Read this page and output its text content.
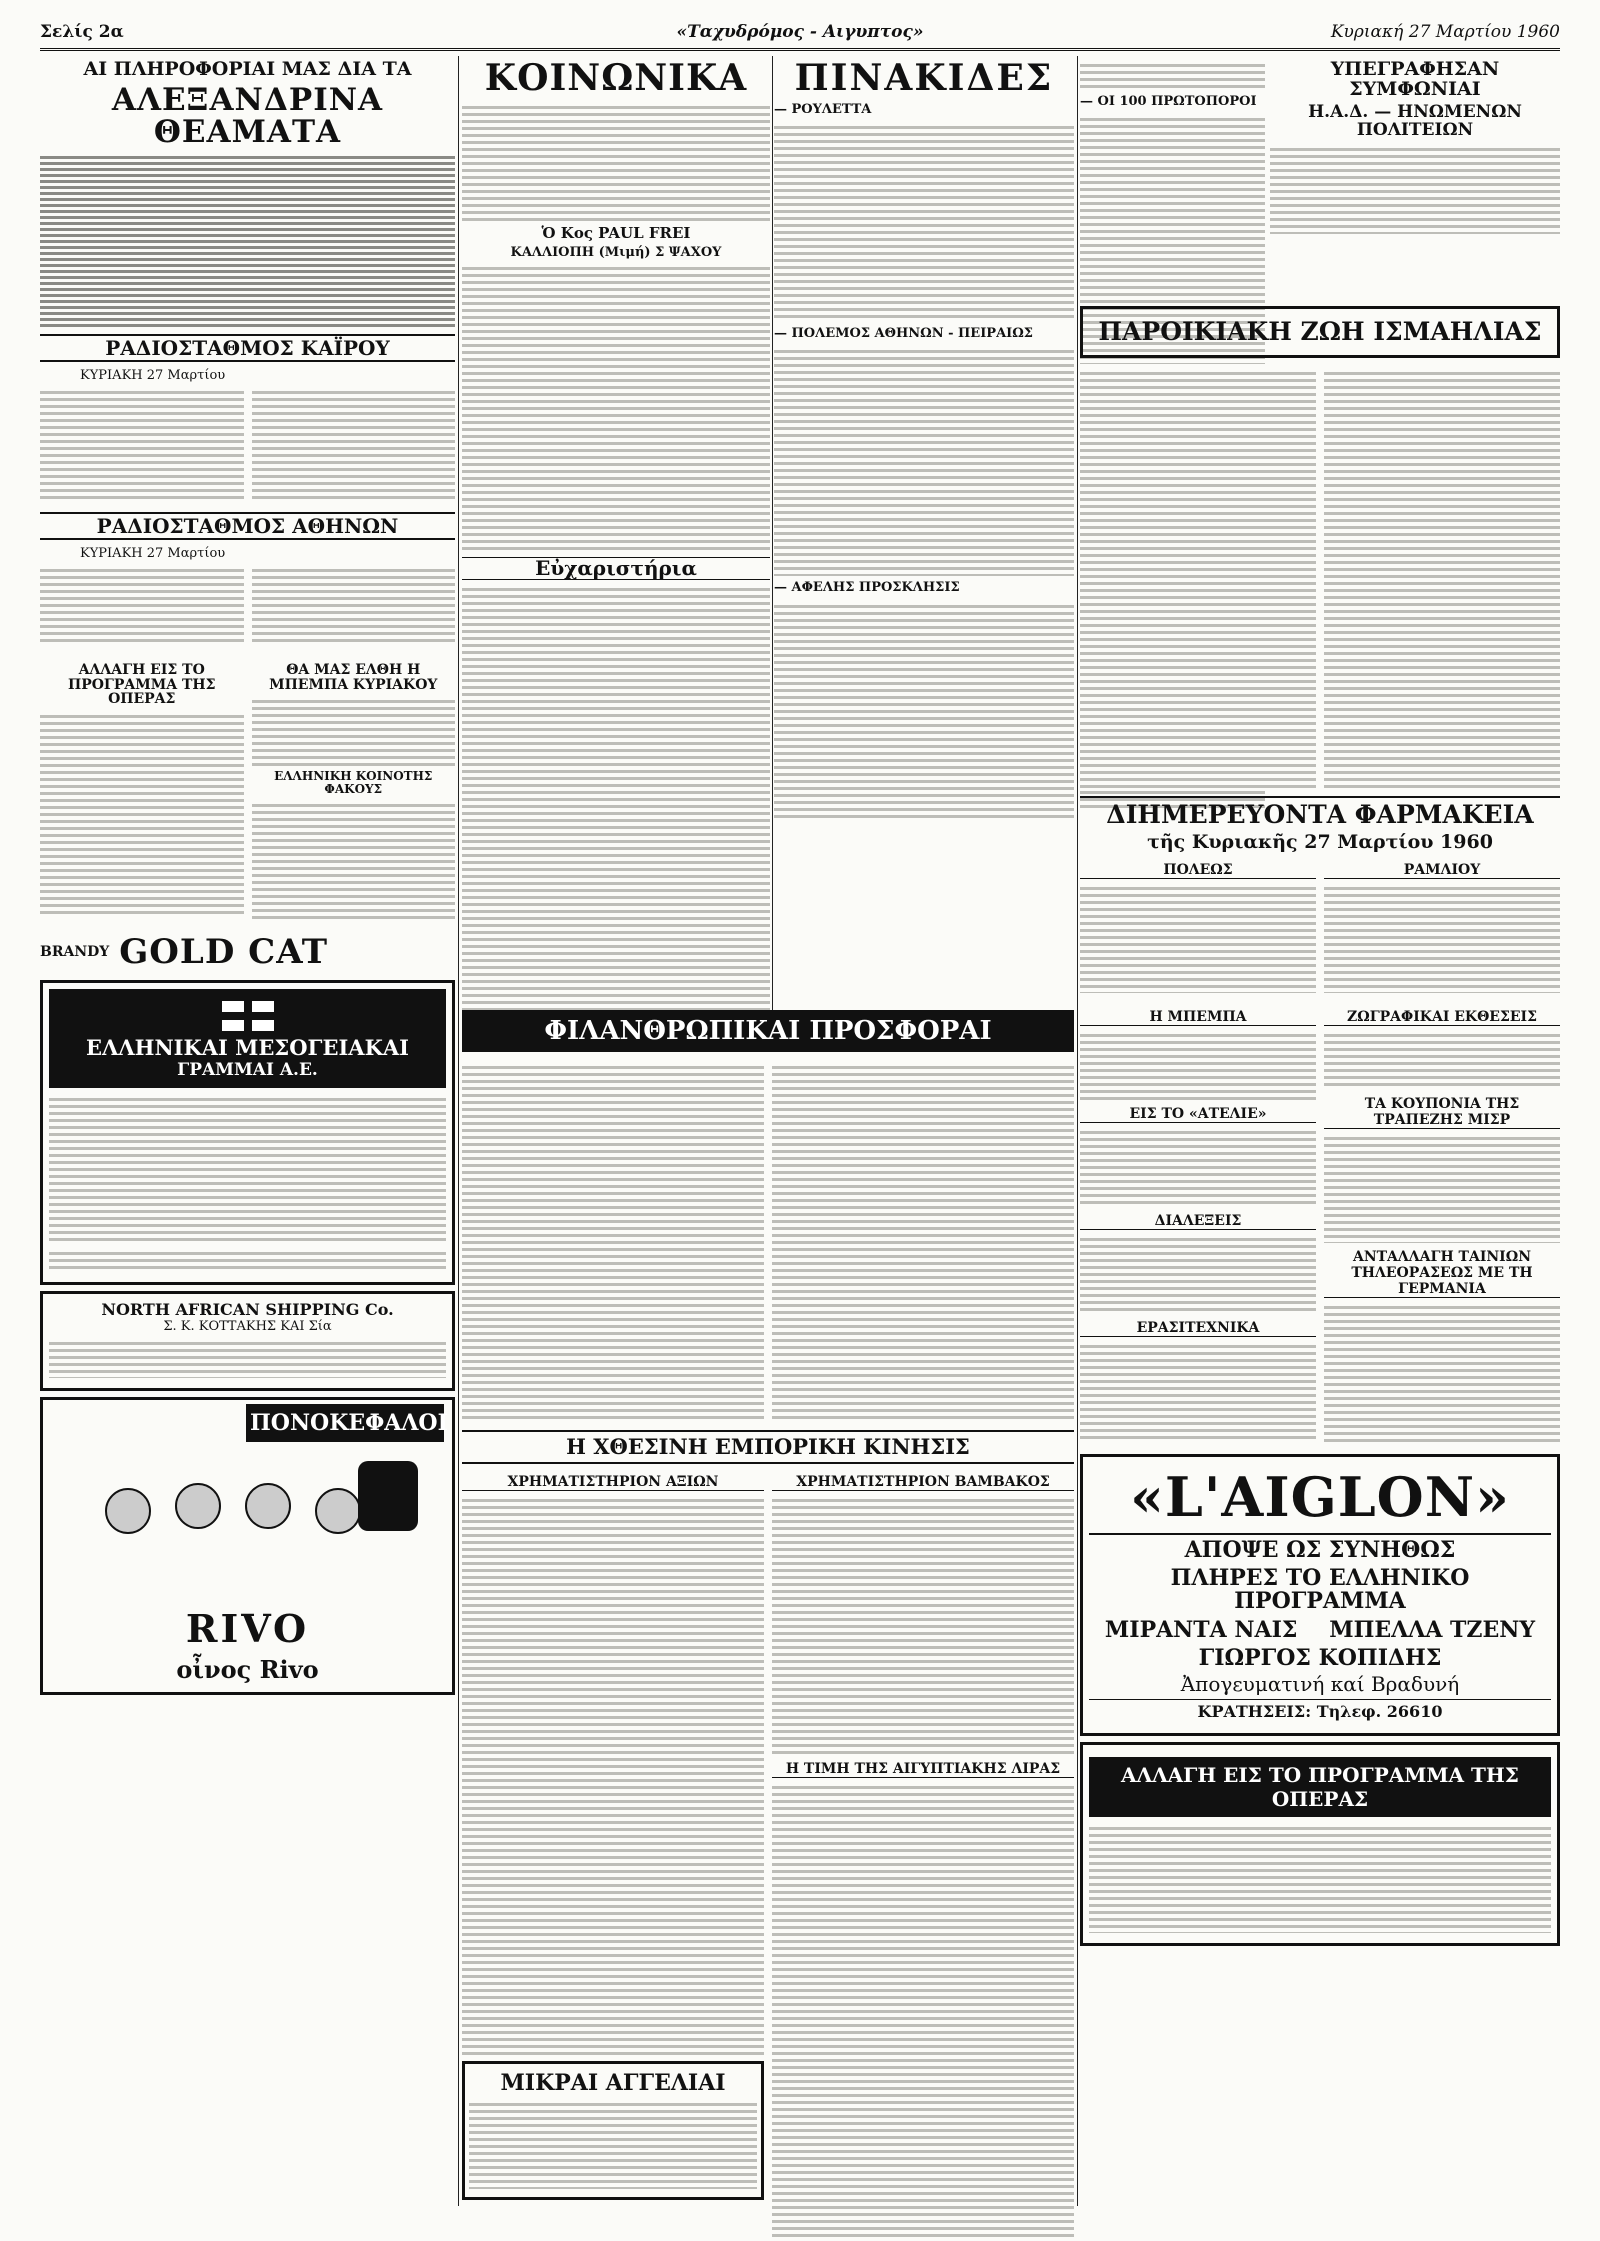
«Ταχυδρόμος - Αιγυπτος»
Σελίς 2α	Κυριακή 27 Μαρτίου 1960
ΑΙ ΠΛΗΡΟΦΟΡΙΑΙ ΜΑΣ ΔΙΑ ΤΑ
ΑΛΕΞΑΝΔΡΙΝΑ ΘΕΑΜΑΤΑ
ΡΑΔΙΟΣΤΑΘΜΟΣ ΚΑΪΡΟΥ
ΚΥΡΙΑΚΗ 27 Μαρτίου
ΡΑΔΙΟΣΤΑΘΜΟΣ ΑΘΗΝΩΝ
ΚΥΡΙΑΚΗ 27 Μαρτίου
ΑΛΛΑΓΗ ΕΙΣ ΤΟ ΠΡΟΓΡΑΜΜΑ ΤΗΣ ΟΠΕΡΑΣ
ΘΑ ΜΑΣ ΕΛΘΗ Η ΜΠΕΜΠΑ ΚΥΡΙΑΚΟΥ
ΕΛΛΗΝΙΚΗ ΚΟΙΝΟΤΗΣ ΦΑΚΟΥΣ
BRANDY GOLD CAT
ΕΛΛΗΝΙΚΑΙ ΜΕΣΟΓΕΙΑΚΑΙ
ΓΡΑΜΜΑΙ Α.Ε.
NORTH AFRICAN SHIPPING Co.
Σ. Κ. ΚΟΤΤΑΚΗΣ ΚΑΙ Σία
ΠΟΝΟΚΕΦΑΛΟΙ
RIVO
οἶνος Rivo
ΚΟΙΝΩΝΙΚΑ
Ὁ Κος PAUL FREI
ΚΑΛΛΙΟΠΗ (Μιμή) Σ ΨΑΧΟΥ
Εὐχαριστήρια
ΠΙΝΑΚΙΔΕΣ
— ΡΟΥΛΕΤΤΑ
— ΠΟΛΕΜΟΣ ΑΘΗΝΩΝ - ΠΕΙΡΑΙΩΣ
— ΑΦΕΛΗΣ ΠΡΟΣΚΛΗΣΙΣ
— ΟΙ 100 ΠΡΩΤΟΠΟΡΟΙ
ΥΠΕΓΡΑΦΗΣΑΝ ΣΥΜΦΩΝΙΑΙ
Η.Α.Δ. — ΗΝΩΜΕΝΩΝ ΠΟΛΙΤΕΙΩΝ
ΠΑΡΟΙΚΙΑΚΗ ΖΩΗ ΙΣΜΑΗΛΙΑΣ
ΔΙΗΜΕΡΕΥΟΝΤΑ ΦΑΡΜΑΚΕΙΑ
τῆς Κυριακῆς 27 Μαρτίου 1960
ΠΟΛΕΩΣ	ΡΑΜΛΙΟΥ
Η ΜΠΕΜΠΑ
ΕΙΣ ΤΟ «ΑΤΕΛΙΕ»
ΔΙΑΛΕΞΕΙΣ
ΕΡΑΣΙΤΕΧΝΙΚΑ
ΖΩΓΡΑΦΙΚΑΙ ΕΚΘΕΣΕΙΣ
ΤΑ ΚΟΥΠΟΝΙΑ ΤΗΣ ΤΡΑΠΕΖΗΣ ΜΙΣΡ
ΑΝΤΑΛΛΑΓΗ ΤΑΙΝΙΩΝ ΤΗΛΕΟΡΑΣΕΩΣ ΜΕ ΤΗ ΓΕΡΜΑΝΙΑ
«L'AIGLON»
ΑΠΟΨΕ ΩΣ ΣΥΝΗΘΩΣ
ΠΛΗΡΕΣ ΤΟ ΕΛΛΗΝΙΚΟ ΠΡΟΓΡΑΜΜΑ
ΜΙΡΑΝΤΑ ΝΑΙΣ ΜΠΕΛΛΑ ΤΖΕΝΥ
ΓΙΩΡΓΟΣ ΚΟΠΙΔΗΣ
Ἀπογευματινή καί Βραδυνή
ΚΡΑΤΗΣΕΙΣ: Τηλεφ. 26610
ΑΛΛΑΓΗ ΕΙΣ ΤΟ ΠΡΟΓΡΑΜΜΑ ΤΗΣ ΟΠΕΡΑΣ
ΦΙΛΑΝΘΡΩΠΙΚΑΙ ΠΡΟΣΦΟΡΑΙ
Η ΧΘΕΣΙΝΗ ΕΜΠΟΡΙΚΗ ΚΙΝΗΣΙΣ
ΧΡΗΜΑΤΙΣΤΗΡΙΟΝ ΑΞΙΩΝ
ΜΙΚΡΑΙ ΑΓΓΕΛΙΑΙ
ΧΡΗΜΑΤΙΣΤΗΡΙΟΝ ΒΑΜΒΑΚΟΣ
Η ΤΙΜΗ ΤΗΣ ΑΙΓΥΠΤΙΑΚΗΣ ΛΙΡΑΣ
